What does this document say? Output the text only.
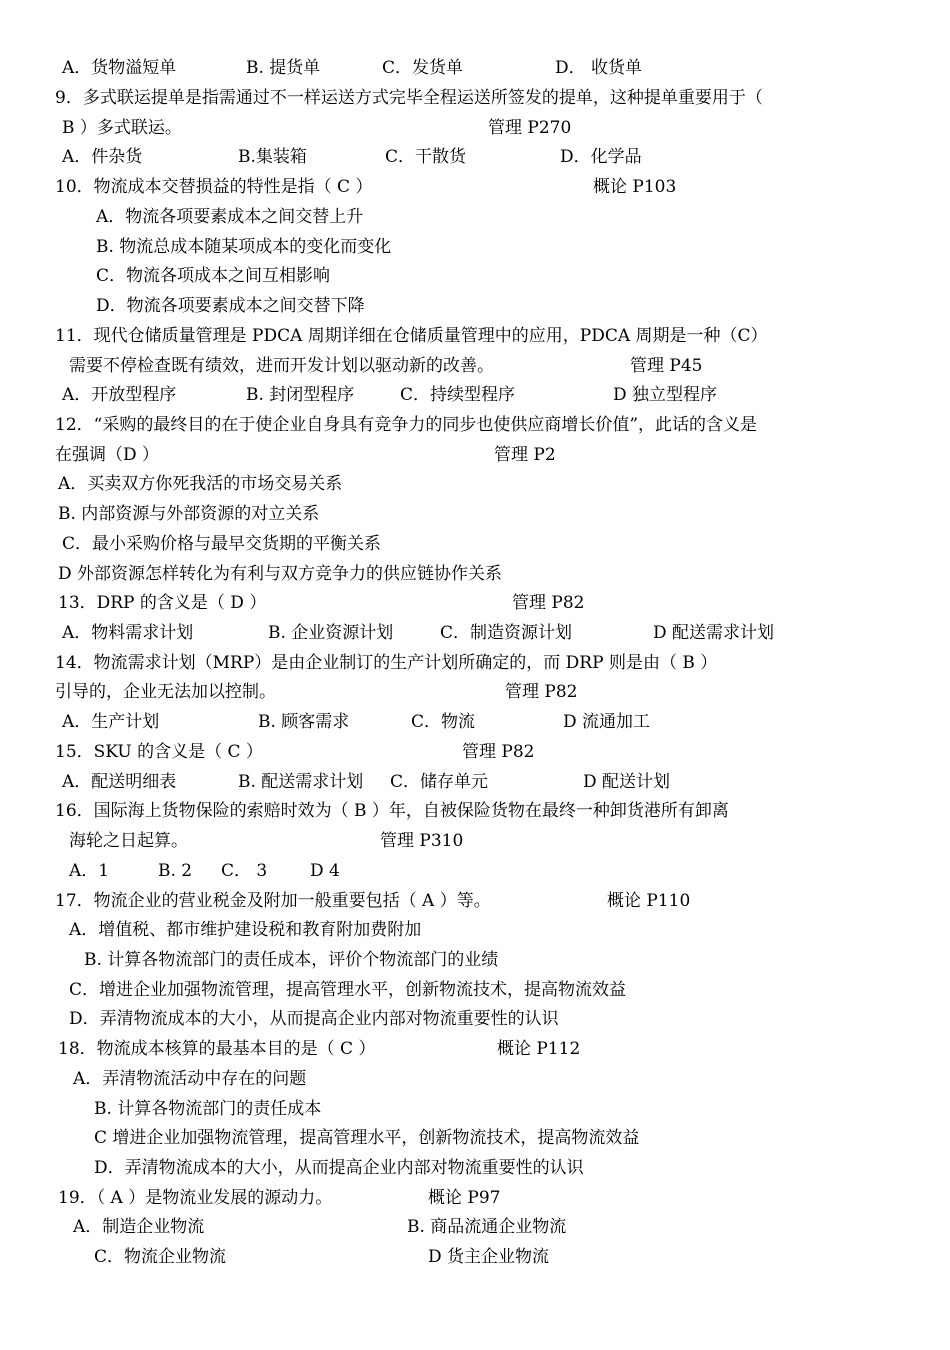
A．货物溢短单	B. 提货单	C．发货单	D． 收货单
9．多式联运提单是指需通过不一样运送方式完毕全程运送所签发的提单，这种提单重要用于（
B ）多式联运。	管理 P270
A．件杂货	B.集装箱	C．干散货	D．化学品
10．物流成本交替损益的特性是指（ C ）	概论 P103
A．物流各项要素成本之间交替上升
B. 物流总成本随某项成本的变化而变化
C．物流各项成本之间互相影响
D．物流各项要素成本之间交替下降
11．现代仓储质量管理是 PDCA 周期详细在仓储质量管理中的应用，PDCA 周期是一种（C）
需要不停检查既有绩效，进而开发计划以驱动新的改善。	管理 P45
A．开放型程序	B. 封闭型程序	C．持续型程序	D 独立型程序
12．“采购的最终目的在于使企业自身具有竞争力的同步也使供应商增长价值”，此话的含义是
在强调（D ）	管理 P2
A．买卖双方你死我活的市场交易关系
B. 内部资源与外部资源的对立关系
C．最小采购价格与最早交货期的平衡关系
D 外部资源怎样转化为有利与双方竞争力的供应链协作关系
13．DRP 的含义是（ D ）	管理 P82
A．物料需求计划	B. 企业资源计划	C．制造资源计划	D 配送需求计划
14．物流需求计划（MRP）是由企业制订的生产计划所确定的，而 DRP 则是由（ B ）
引导的，企业无法加以控制。	管理 P82
A．生产计划	B. 顾客需求	C．物流	D 流通加工
15．SKU 的含义是（ C ）	管理 P82
A．配送明细表	B. 配送需求计划 C．储存单元	D 配送计划
16．国际海上货物保险的索赔时效为（ B ）年，自被保险货物在最终一种卸货港所有卸离
海轮之日起算。	管理 P310
A．1	B. 2 C． 3	D 4
17．物流企业的营业税金及附加一般重要包括（ A ）等。	概论 P110
A．增值税、都市维护建设税和教育附加费附加
B. 计算各物流部门的责任成本，评价个物流部门的业绩
C．增进企业加强物流管理，提高管理水平，创新物流技术，提高物流效益
D．弄清物流成本的大小，从而提高企业内部对物流重要性的认识
18．物流成本核算的最基本目的是（ C ）	概论 P112
A．弄清物流活动中存在的问题
B. 计算各物流部门的责任成本
C 增进企业加强物流管理，提高管理水平，创新物流技术，提高物流效益
D．弄清物流成本的大小，从而提高企业内部对物流重要性的认识
19．（ A ）是物流业发展的源动力。	概论 P97
A．制造企业物流	B. 商品流通企业物流
C．物流企业物流	D 货主企业物流
